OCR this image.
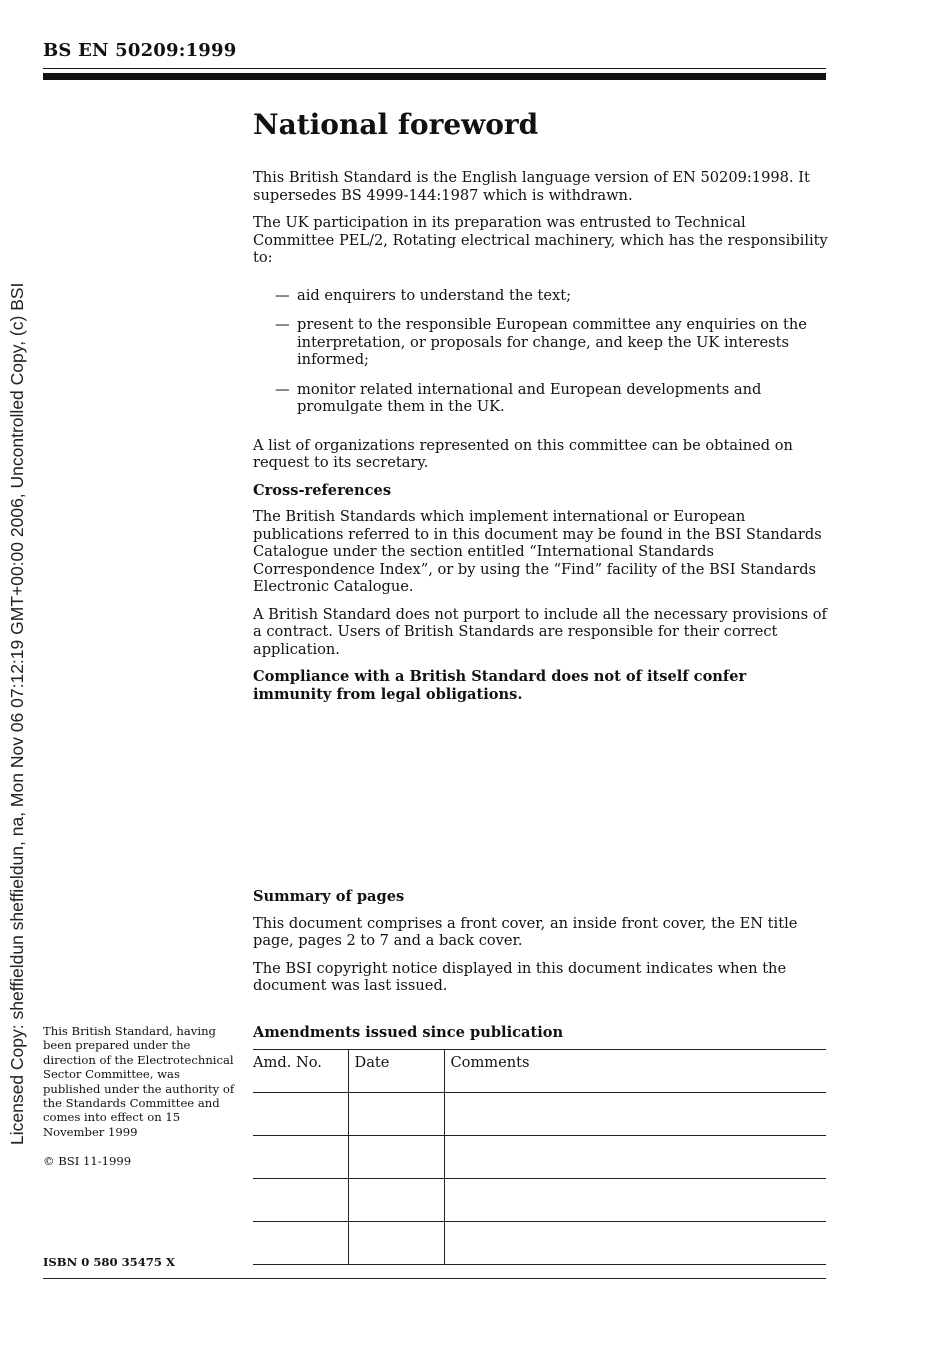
BS EN 50209:1999
Licensed Copy: sheffieldun sheffieldun, na, Mon Nov 06 07:12:19 GMT+00:00 2006, Uncontrolled Copy, (c) BSI
National foreword

This British Standard is the English language version of EN 50209:1998. It supersedes BS 4999-144:1987 which is withdrawn.

The UK participation in its preparation was entrusted to Technical Committee PEL/2, Rotating electrical machinery, which has the responsibility to:

— aid enquirers to understand the text;
— present to the responsible European committee any enquiries on the interpretation, or proposals for change, and keep the UK interests informed;
— monitor related international and European developments and promulgate them in the UK.

A list of organizations represented on this committee can be obtained on request to its secretary.

Cross-references

The British Standards which implement international or European publications referred to in this document may be found in the BSI Standards Catalogue under the section entitled “International Standards Correspondence Index”, or by using the “Find” facility of the BSI Standards Electronic Catalogue.

A British Standard does not purport to include all the necessary provisions of a contract. Users of British Standards are responsible for their correct application.

Compliance with a British Standard does not of itself confer immunity from legal obligations.

Summary of pages

This document comprises a front cover, an inside front cover, the EN title page, pages 2 to 7 and a back cover.

The BSI copyright notice displayed in this document indicates when the document was last issued.

Amendments issued since publication
Amd. No.	Date	Comments

This British Standard, having been prepared under the direction of the Electrotechnical Sector Committee, was published under the authority of the Standards Committee and comes into effect on 15 November 1999
© BSI 11-1999
ISBN 0 580 35475 X
